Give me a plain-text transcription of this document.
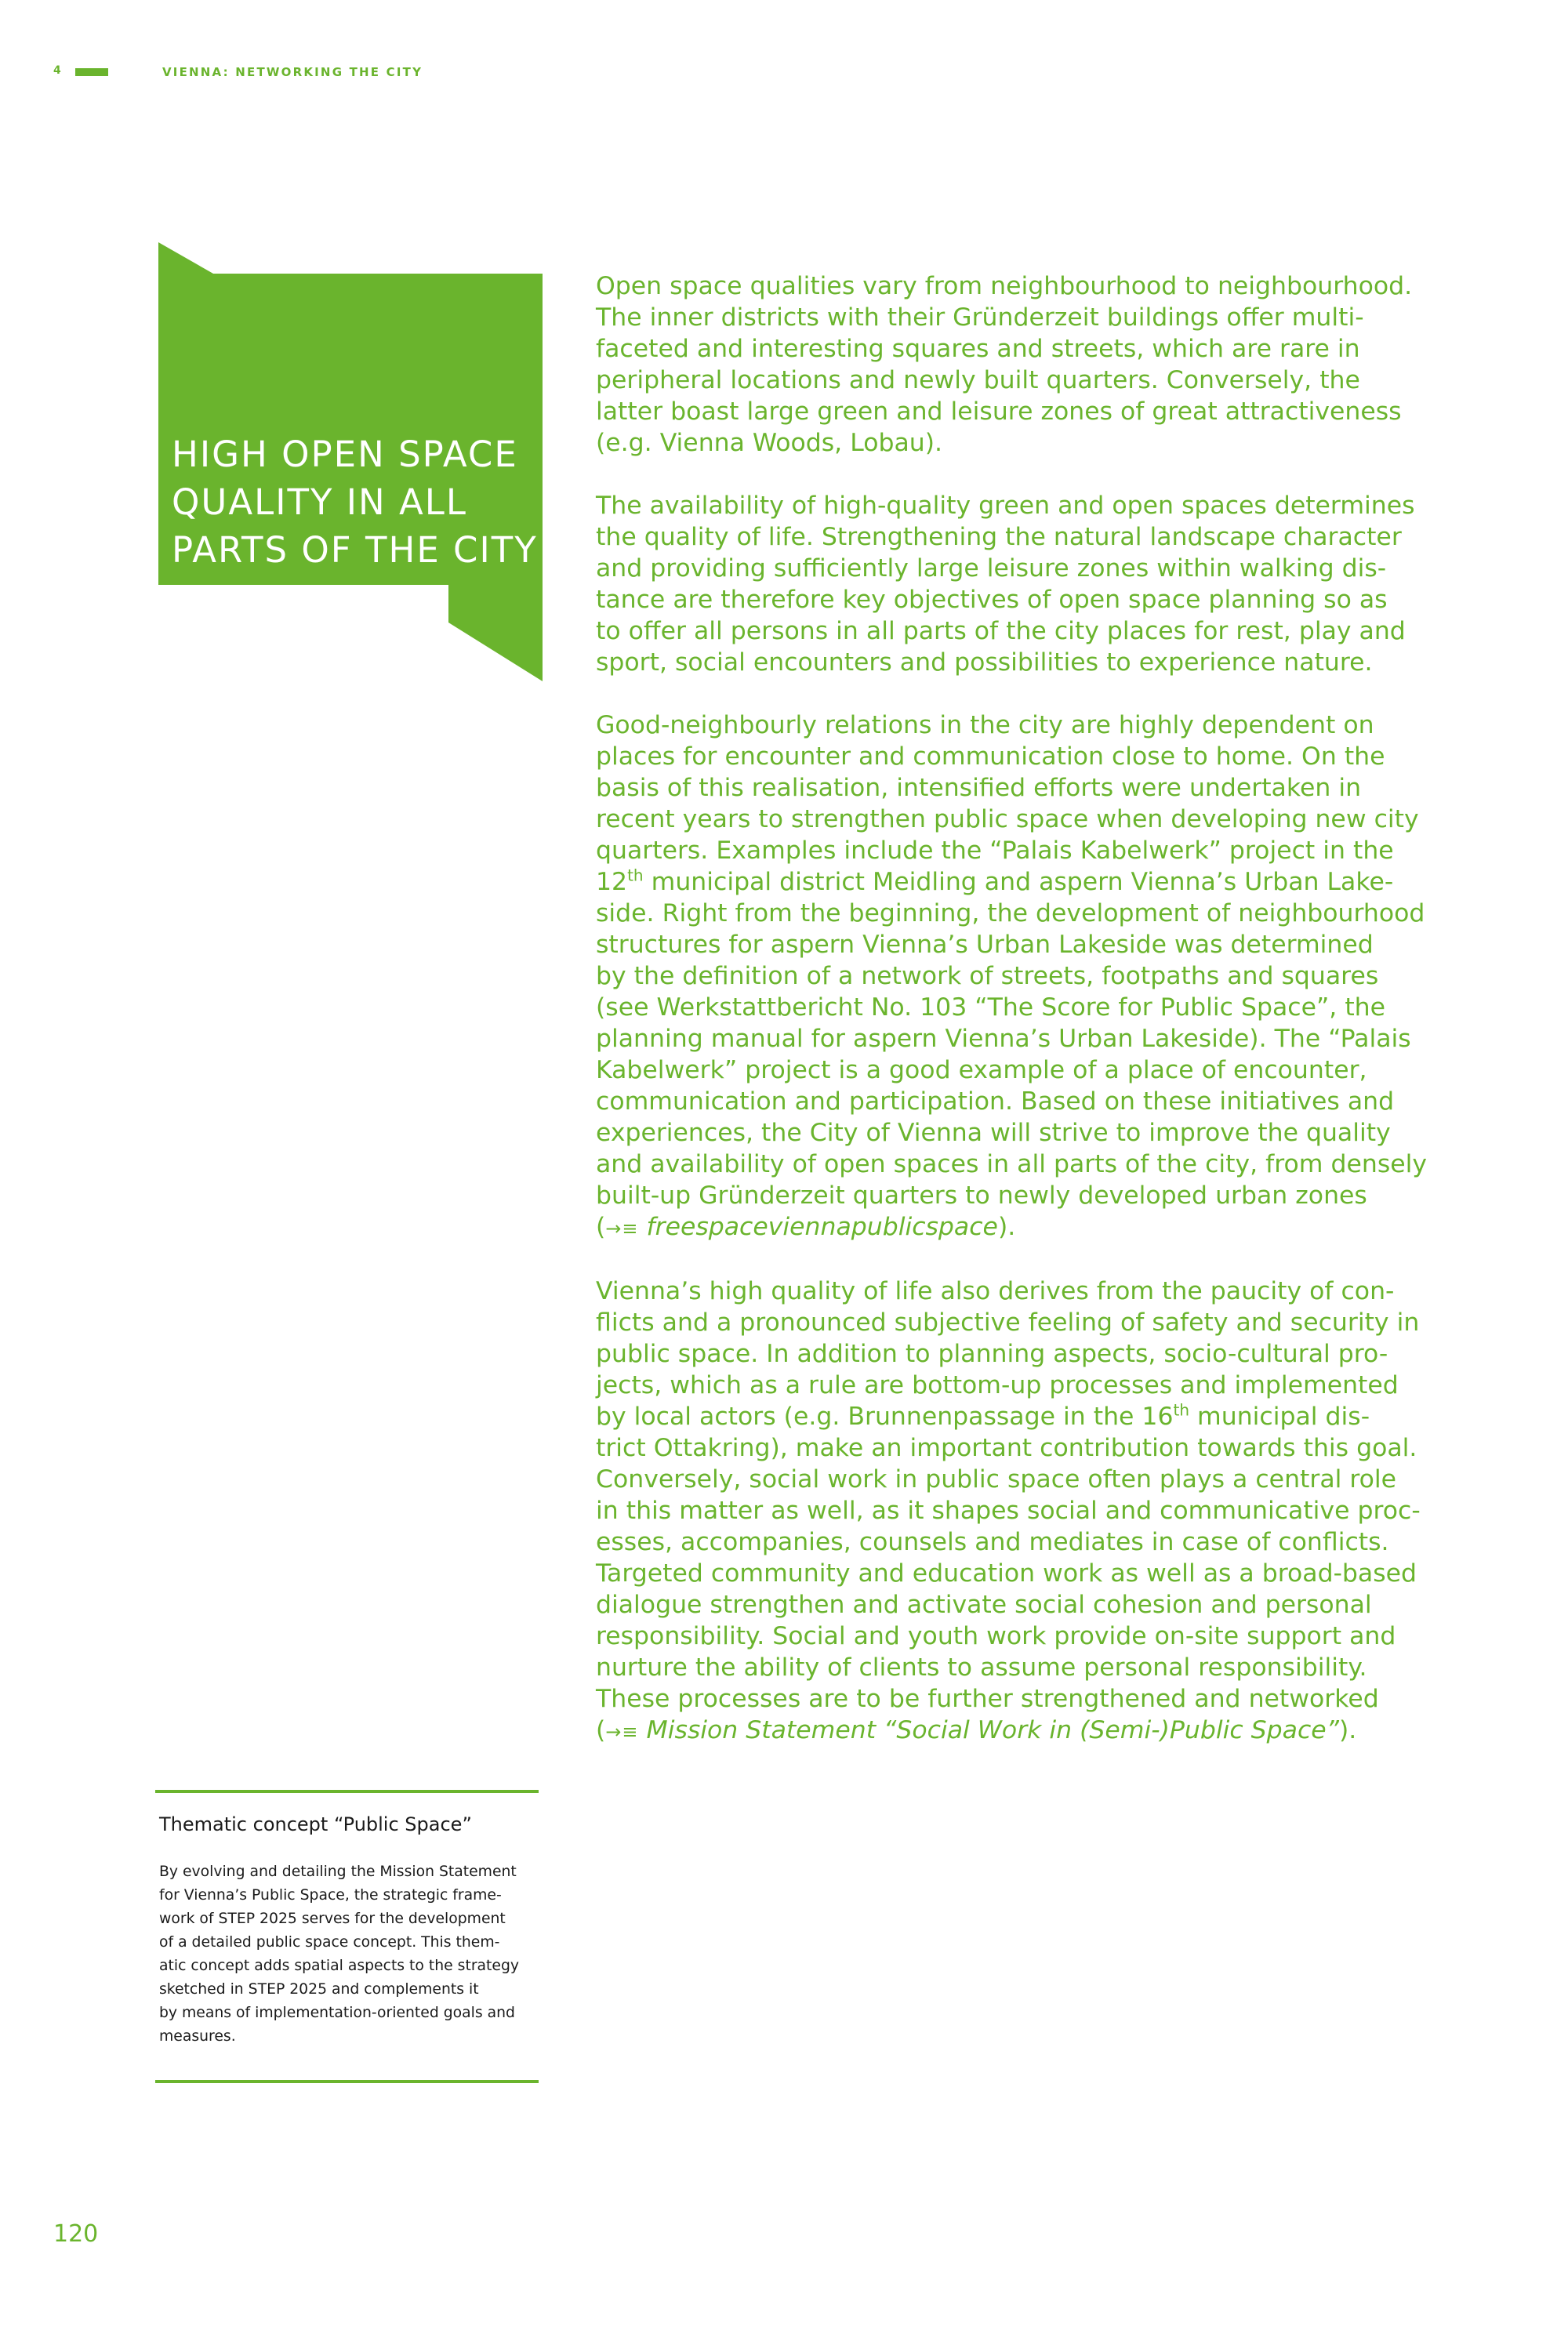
4	VIENNA: NETWORKING THE CITY
HIGH OPEN SPACE
QUALITY IN ALL
PARTS OF THE CITY

Open space qualities vary from neighbourhood to neighbourhood.
The inner districts with their Gründerzeit buildings offer multi-
faceted and interesting squares and streets, which are rare in
peripheral locations and newly built quarters. Conversely, the
latter boast large green and leisure zones of great attractiveness
(e.g. Vienna Woods, Lobau).

The availability of high-quality green and open spaces determines
the quality of life. Strengthening the natural landscape character
and providing sufficiently large leisure zones within walking dis-
tance are therefore key objectives of open space planning so as
to offer all persons in all parts of the city places for rest, play and
sport, social encounters and possibilities to experience nature.

Good-neighbourly relations in the city are highly dependent on
places for encounter and communication close to home. On the
basis of this realisation, intensified efforts were undertaken in
recent years to strengthen public space when developing new city
quarters. Examples include the “Palais Kabelwerk” project in the
12th municipal district Meidling and aspern Vienna’s Urban Lake-
side. Right from the beginning, the development of neighbourhood
structures for aspern Vienna’s Urban Lakeside was determined
by the definition of a network of streets, footpaths and squares
(see Werkstattbericht No. 103 “The Score for Public Space”, the
planning manual for aspern Vienna’s Urban Lakeside). The “Palais
Kabelwerk” project is a good example of a place of encounter,
communication and participation. Based on these initiatives and
experiences, the City of Vienna will strive to improve the quality
and availability of open spaces in all parts of the city, from densely
built-up Gründerzeit quarters to newly developed urban zones
(→≡ freespaceviennapublicspace).

Vienna’s high quality of life also derives from the paucity of con-
flicts and a pronounced subjective feeling of safety and security in
public space. In addition to planning aspects, socio-cultural pro-
jects, which as a rule are bottom-up processes and implemented
by local actors (e.g. Brunnenpassage in the 16th municipal dis-
trict Ottakring), make an important contribution towards this goal.
Conversely, social work in public space often plays a central role
in this matter as well, as it shapes social and communicative proc-
esses, accompanies, counsels and mediates in case of conflicts.
Targeted community and education work as well as a broad-based
dialogue strengthen and activate social cohesion and personal
responsibility. Social and youth work provide on-site support and
nurture the ability of clients to assume personal responsibility.
These processes are to be further strengthened and networked
(→≡ Mission Statement “Social Work in (Semi-)Public Space”).

Thematic concept “Public Space”
By evolving and detailing the Mission Statement
for Vienna’s Public Space, the strategic frame-
work of STEP 2025 serves for the development
of a detailed public space concept. This them-
atic concept adds spatial aspects to the strategy
sketched in STEP 2025 and complements it
by means of implementation-oriented goals and
measures.
120
